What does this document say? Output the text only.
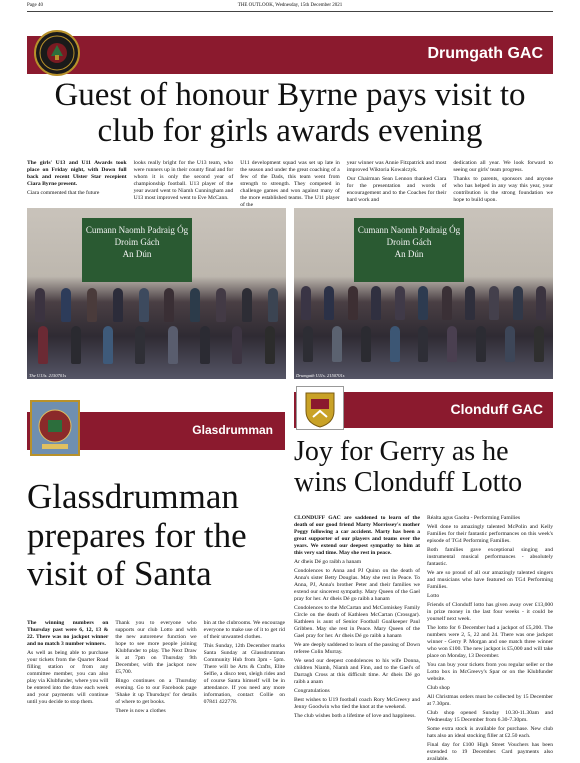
Page 40	THE OUTLOOK, Wednesday, 15th December 2021
Drumgath GAC
Guest of honour Byrne pays visit to club for girls awards evening

The girls' U13 and U11 Awards took place on Friday night, with Down full back and recent Ulster Star recepient Ciara Byrne present.

Ciara commented that the future

looks really bright for the U13 team, who were runners up in their county final and for whom it is only the second year of championship football. U13 player of the year award went to Niamh Cunningham and U13 most improved went to Eve McCann.

U11 development squad was set up late in the season and under the great coaching of a few of the Dads, this team went from strength to strength. They competed in challenge games and won against many of the more established teams. The U11 player of the

year winner was Annie Fitzpatrick and most improved Wiktoria Kowalczyk.

Our Chairman Sean Lennon thanked Ciara for the presentation and words of encouragement and to the Coaches for their hard work and

dedication all year. We look forward to seeing our girls' team progress.

Thanks to parents, sponsors and anyone who has helped in any way this year, your contribution is the strong foundation we hope to build upon.

Cumann Naomh Padraig Óg
Droim Gách
An Dún
The U13s. 2150701s
Cumann Naomh Padraig Óg
Droim Gách
An Dún
Drumgath U11s. 2150701s
Glasdrumman
Glassdrumman prepares for the visit of Santa

The winning numbers on Thursday past were 6, 12, 13 & 22. There was no jackpot winner and no match 3 number winners.

As well as being able to purchase your tickets from the Quarter Road filling station or from any committee member, you can also play via Klubfunder, where you will be entered into the draw each week and your payments will continue until you decide to stop them.

Thank you to everyone who supports our club Lotto and with the new autorenew function we hope to see more people joining Klubfunder to play. The Next Draw is at 7pm on Thursday 9th December, with the jackpot now £5,700.

Bingo continues on a Thursday evening. Go to our Facebook page 'Shake it up Thursdays' for details of where to get books.

There is now a clothes

bin at the clubrooms. We encourage everyone to make use of it to get rid of their unwanted clothes.

This Sunday, 12th December marks Santa Sunday at Glassdrumman Community Hub from 3pm - 5pm. There will be Arts & Crafts, Elite Selfie, a disco tent, sleigh rides and of course Santa himself will be in attendance. If you need any more information, contact Collie on 07841 422778.

Clonduff GAC
Joy for Gerry as he wins Clonduff Lotto

CLONDUFF GAC are saddened to learn of the death of our good friend Marty Morrissey's mother Peggy following a car accident. Marty has been a great supporter of our players and teams over the years. We extend our deepest sympathy to him at this very sad time. May she rest in peace.

Ar dheis Dé go raibh a hanam

Condolences to Anna and PJ Quinn on the death of Anna's sister Betty Douglas. May she rest in Peace. To Anna, PJ, Anna's brother Peter and their families we extend our sincerest sympathy. Mary Queen of the Gael pray for her. Ar dheis Dé go raibh a hanam

Condolences to the McCartan and McComiskey Family Circle on the death of Kathleen McCartan (Crossgar). Kathleen is aunt of Senior Football Goalkeeper Paul Gribben. May she rest in Peace. Mary Queen of the Gael pray for her. Ar dheis Dé go raibh a hanam

We are deeply saddened to learn of the passing of Down referee Colin Murray.

We send our deepest condolences to his wife Donna, children Niamh, Niamh and Finn, and to the Gael's of Darragh Cross at this difficult time. Ar dheis Dé go raibh a anam

Congratulations

Best wishes to U19 football coach Rory McGreevy and Jenny Goodwin who tied the knot at the weekend.

The club wishes both a lifetime of love and happiness.

Réalta agus Gaolta - Performing Families

Well done to amazingly talented McPolin and Kelly Families for their fantastic performances on this week's episode of TG4 Performing Families.

Both families gave exceptional singing and instrumental musical performances - absolutely fantastic.

We are so proud of all our amazingly talented singers and musicians who have featured on TG4 Performing Families.

Lotto

Friends of Clonduff lotto has given away over £13,000 in prize money in the last four weeks - it could be yourself next week.

The lotto for 6 December had a jackpot of £5,200. The numbers were 2, 5, 22 and 24. There was one jackpot winner - Gerry P. Morgan and one match three winner who won £100. The new jackpot is £5,000 and will take place on Monday, 13 December.

You can buy your tickets from you regular seller or the Lotto box in McGreevy's Spar or on the Klubfunder website.

Club shop

All Christmas orders must be collected by 15 December at 7.30pm.

Club shop opened Sunday 10.30-11.30am and Wednesday 15 December from 6.30-7.30pm.

Some extra stock is available for purchase. New club hats also an ideal stocking filler at £2.50 each.

Final day for £100 High Street Vouchers has been extended to 19 December. Card payments also available.
